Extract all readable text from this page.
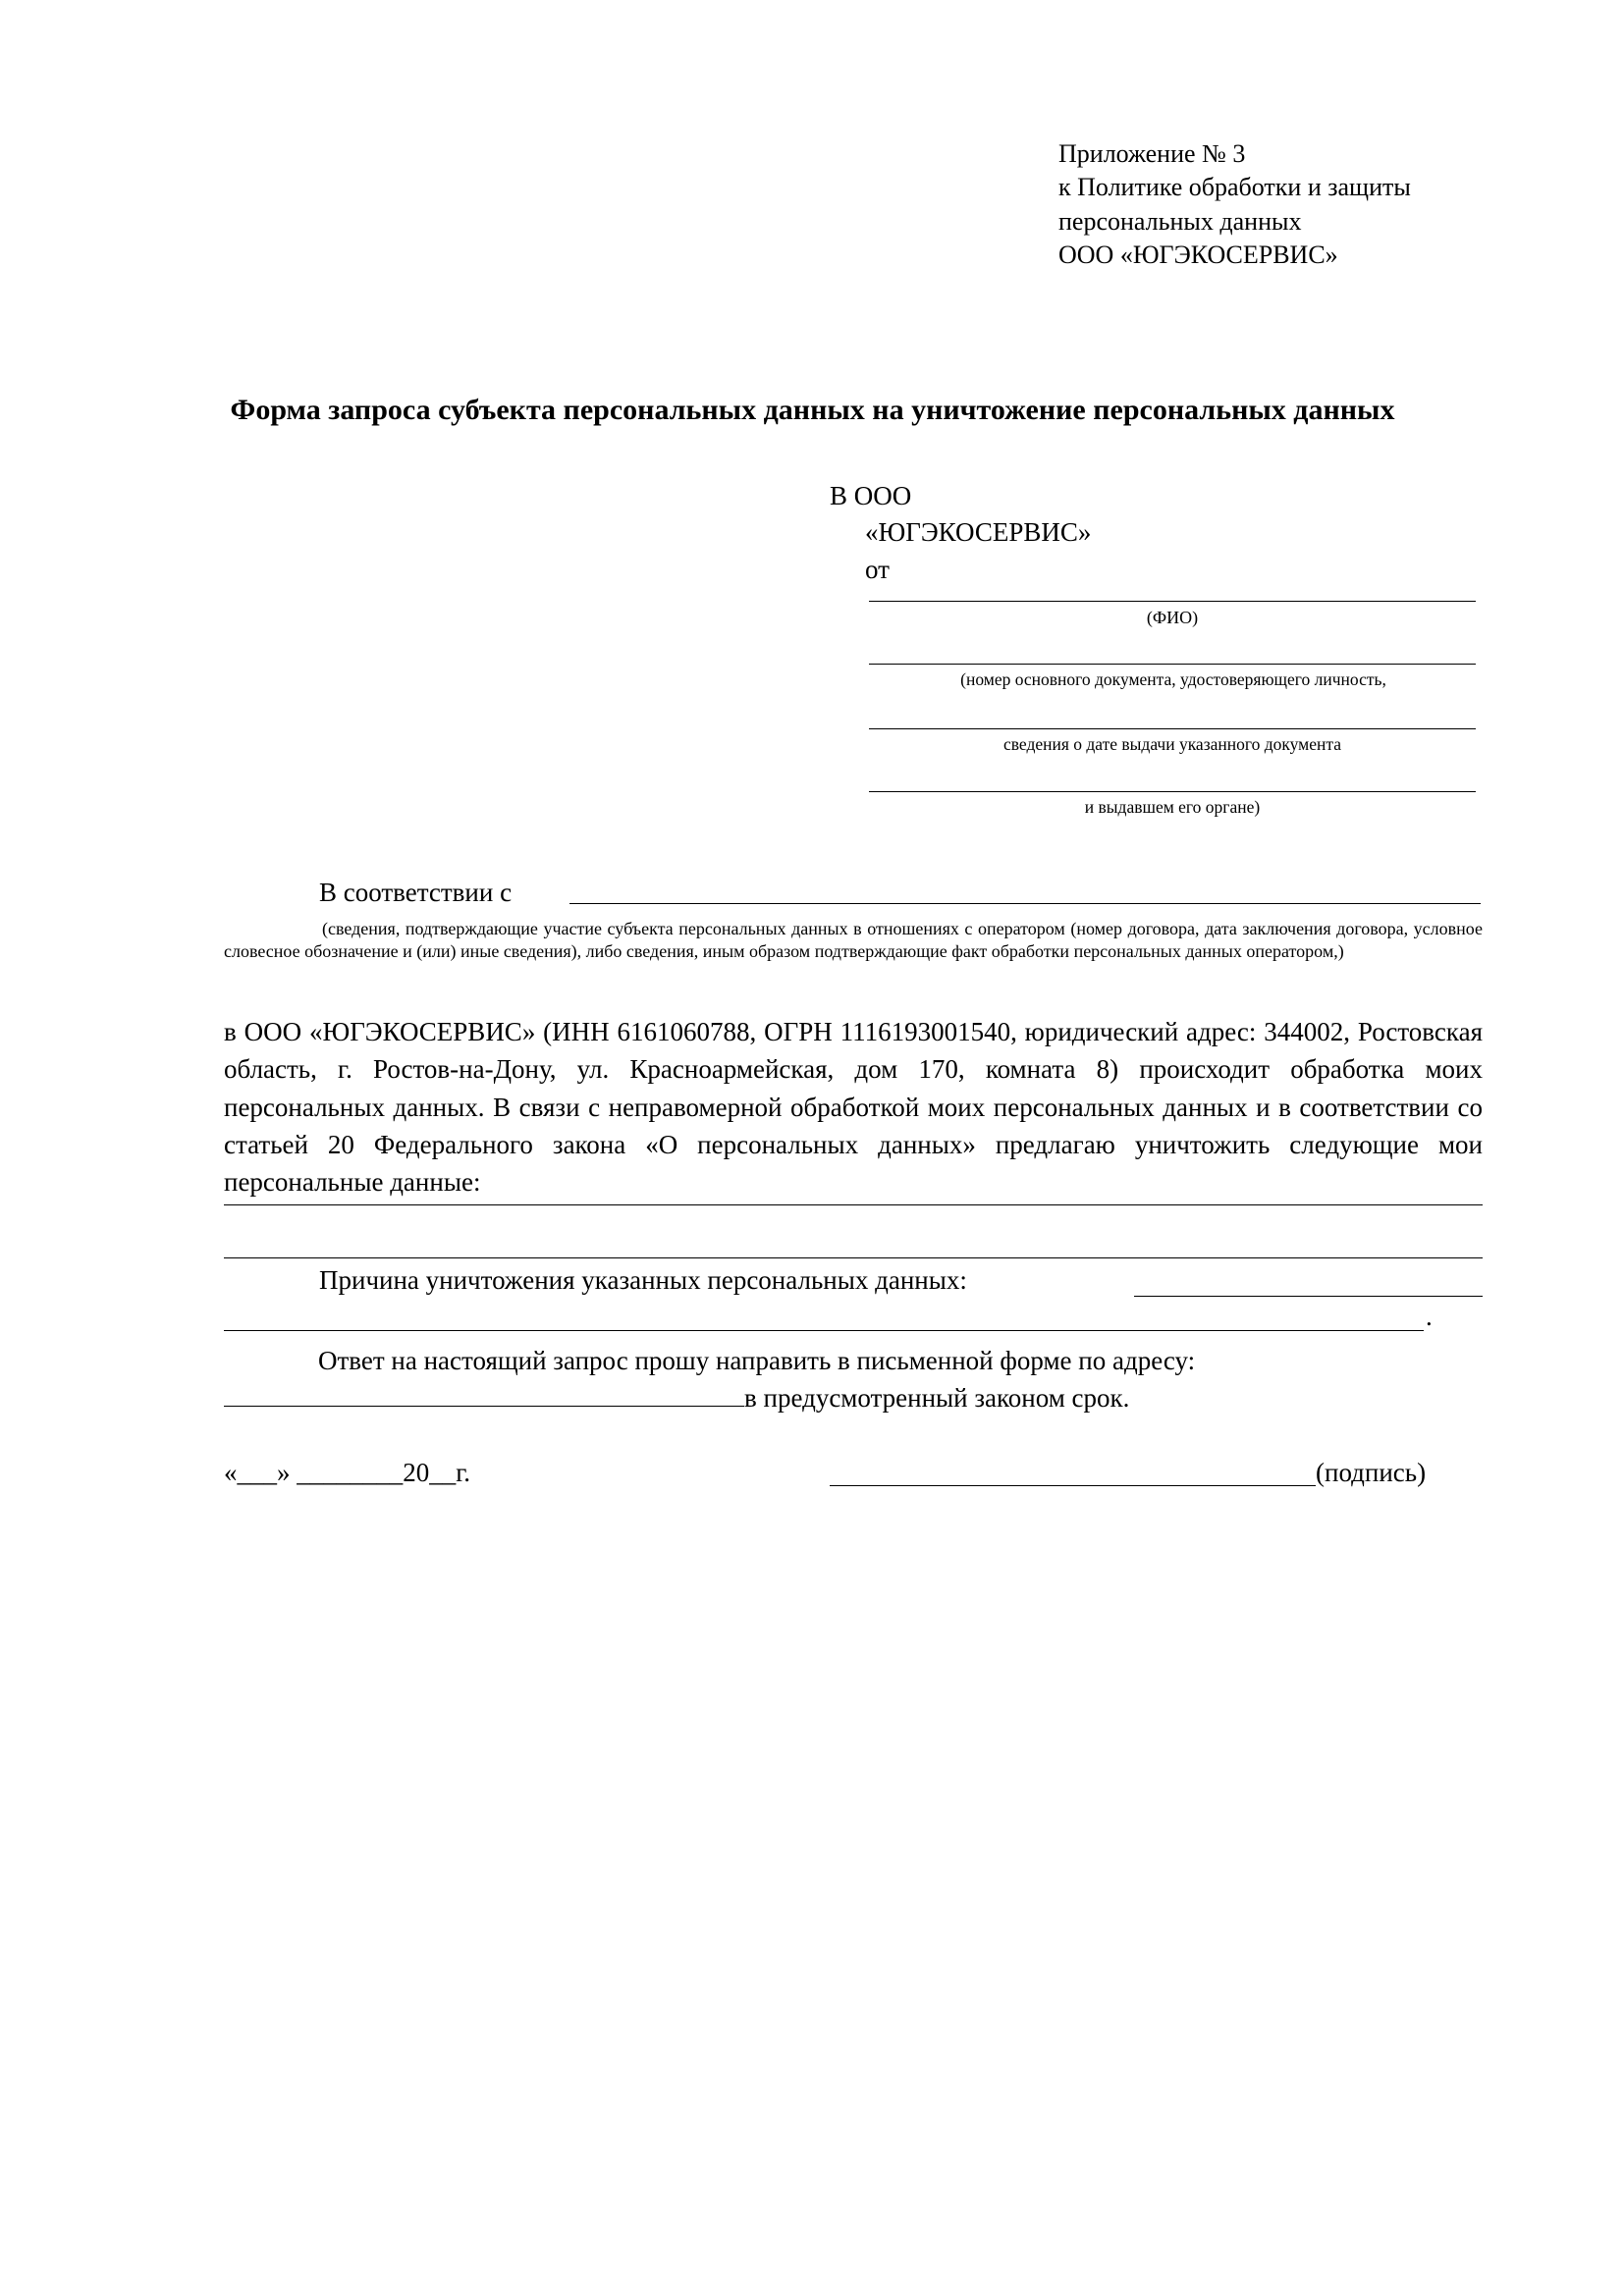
Приложение № 3
к Политике обработки и защиты
персональных данных
ООО «ЮГЭКОСЕРВИС»
Форма запроса субъекта персональных данных на уничтожение персональных данных
В ООО
«ЮГЭКОСЕРВИС»
от
(ФИО)
(номер основного документа, удостоверяющего личность,
сведения о дате выдачи указанного документа
и выдавшем его органе)
В соответствии с
(сведения, подтверждающие участие субъекта персональных данных в отношениях с оператором (номер договора, дата заключения договора, условное словесное обозначение и (или) иные сведения), либо сведения, иным образом подтверждающие факт обработки персональных данных оператором,)
в ООО «ЮГЭКОСЕРВИС» (ИНН 6161060788, ОГРН 1116193001540, юридический адрес: 344002, Ростовская область, г. Ростов-на-Дону, ул. Красноармейская, дом 170, комната 8) происходит обработка моих персональных данных. В связи с неправомерной обработкой моих персональных данных и в соответствии со статьей 20 Федерального закона «О персональных данных» предлагаю уничтожить следующие мои персональные данные:
Причина уничтожения указанных персональных данных:
.
Ответ на настоящий запрос прошу направить в письменной форме по адресу:
в предусмотренный законом срок.
«___» ________20__г.	(подпись)
